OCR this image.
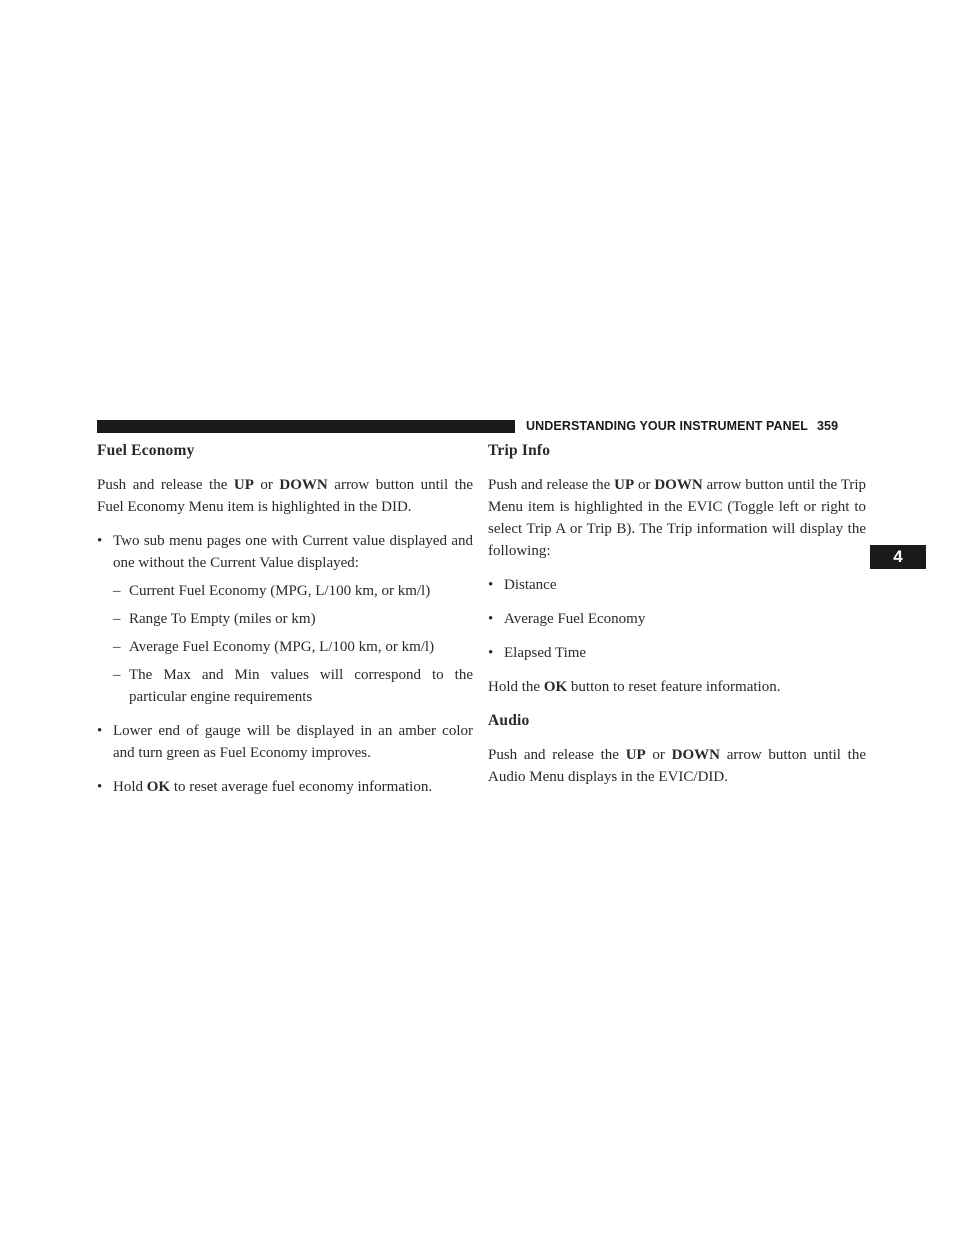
UNDERSTANDING YOUR INSTRUMENT PANEL 359
4
Fuel Economy

Push and release the UP or DOWN arrow button until the Fuel Economy Menu item is highlighted in the DID.

• Two sub menu pages one with Current value displayed and one without the Current Value displayed:
– Current Fuel Economy (MPG, L/100 km, or km/l)
– Range To Empty (miles or km)
– Average Fuel Economy (MPG, L/100 km, or km/l)
– The Max and Min values will correspond to the particular engine requirements
• Lower end of gauge will be displayed in an amber color and turn green as Fuel Economy improves.
• Hold OK to reset average fuel economy information.
Trip Info

Push and release the UP or DOWN arrow button until the Trip Menu item is highlighted in the EVIC (Toggle left or right to select Trip A or Trip B). The Trip information will display the following:

• Distance
• Average Fuel Economy
• Elapsed Time

Hold the OK button to reset feature information.

Audio

Push and release the UP or DOWN arrow button until the Audio Menu displays in the EVIC/DID.
